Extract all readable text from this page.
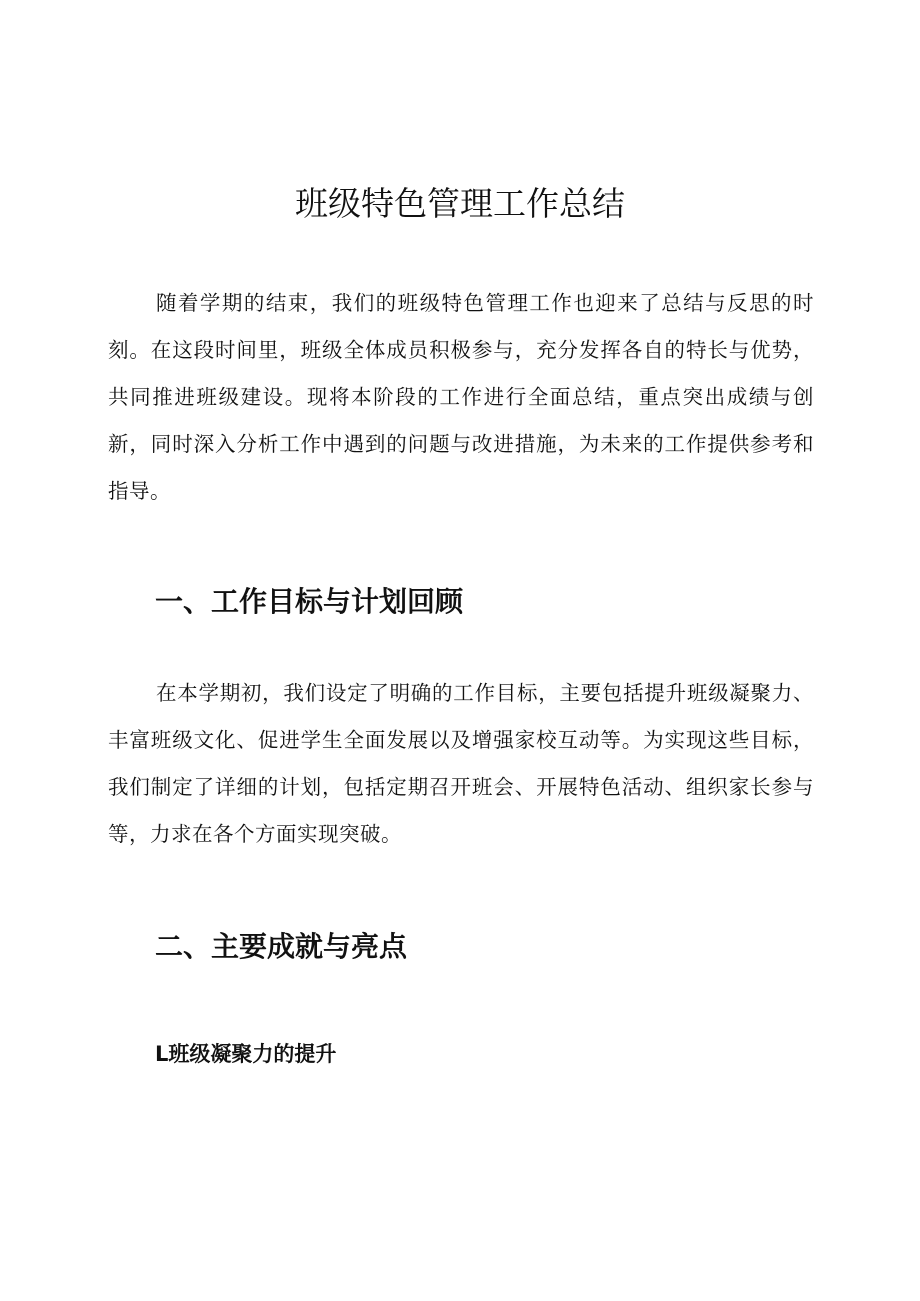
班级特色管理工作总结

随着学期的结束，我们的班级特色管理工作也迎来了总结与反思的时刻。在这段时间里，班级全体成员积极参与，充分发挥各自的特长与优势，共同推进班级建设。现将本阶段的工作进行全面总结，重点突出成绩与创新，同时深入分析工作中遇到的问题与改进措施，为未来的工作提供参考和指导。

一、工作目标与计划回顾

在本学期初，我们设定了明确的工作目标，主要包括提升班级凝聚力、丰富班级文化、促进学生全面发展以及增强家校互动等。为实现这些目标，我们制定了详细的计划，包括定期召开班会、开展特色活动、组织家长参与等，力求在各个方面实现突破。

二、主要成就与亮点
L班级凝聚力的提升
